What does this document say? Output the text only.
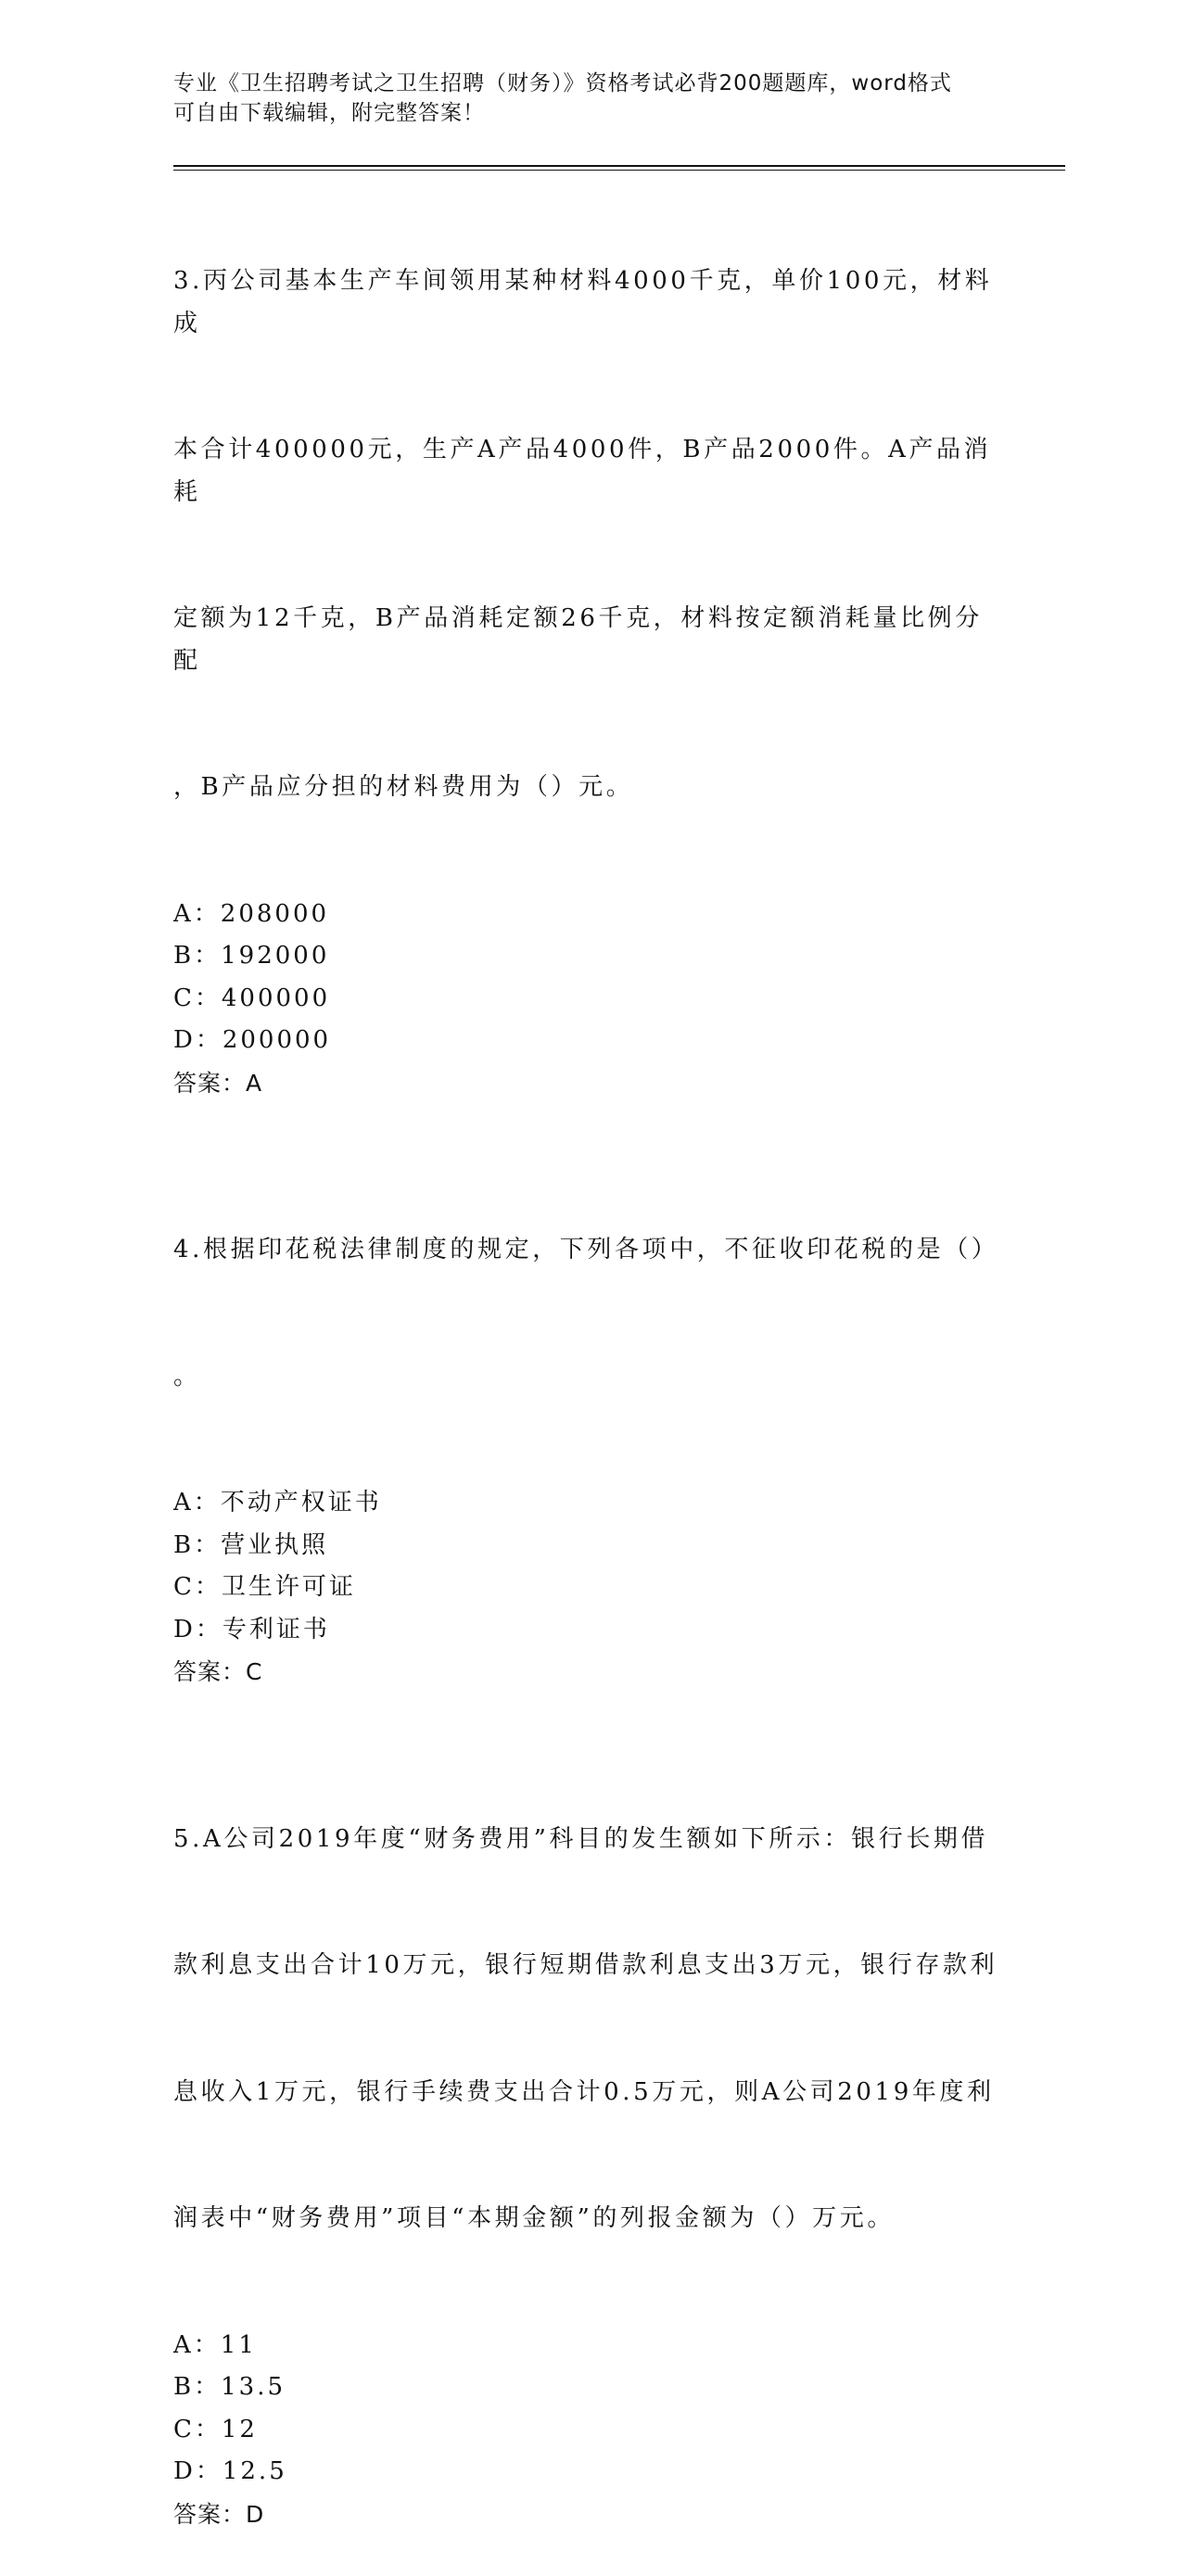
专业《卫生招聘考试之卫生招聘（财务）》资格考试必背200题题库，word格式
可自由下载编辑，附完整答案！

3.丙公司基本生产车间领用某种材料4000千克，单价100元，材料成

本合计400000元，生产A产品4000件，B产品2000件。A产品消耗

定额为12千克，B产品消耗定额26千克，材料按定额消耗量比例分配

，B产品应分担的材料费用为（）元。

A：208000
B：192000
C：400000
D：200000
答案：A

4.根据印花税法律制度的规定，下列各项中，不征收印花税的是（）

。

A：不动产权证书
B：营业执照
C：卫生许可证
D：专利证书
答案：C

5.A公司2019年度“财务费用”科目的发生额如下所示：银行长期借

款利息支出合计10万元，银行短期借款利息支出3万元，银行存款利

息收入1万元，银行手续费支出合计0.5万元，则A公司2019年度利

润表中“财务费用”项目“本期金额”的列报金额为（）万元。

A：11
B：13.5
C：12
D：12.5
答案：D
